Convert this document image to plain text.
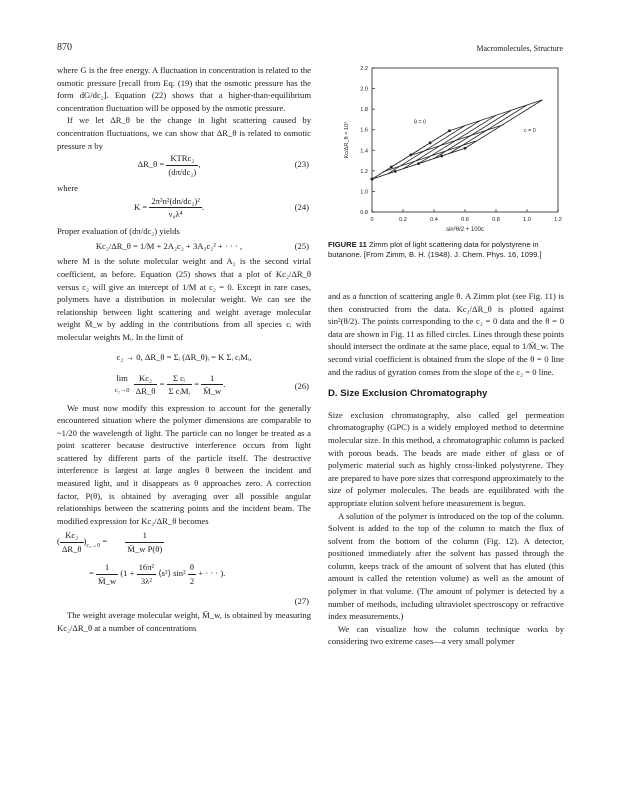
870	Macromolecules, Structure

where G is the free energy. A fluctuation in concentration is related to the osmotic pressure [recall from Eq. (19) that the osmotic pressure has the form dG/dc₂]. Equation (22) shows that a higher-than-equilibrium concentration fluctuation will be opposed by the osmotic pressure.

If we let ΔR_θ be the change in light scattering caused by concentration fluctuations, we can show that ΔR_θ is related to osmotic pressure π by

ΔR_θ = $\frac{\text{KTRc₂}}{\text{(dπ/dc₂)}}$ ,	(23)

where

$K = \frac{\text{2π²n²(dn/dc₂)²}}{\text{ν₀λ⁴}}$ .	(24)

Proper evaluation of (dπ/dc₂) yields

Kc₂/ΔR_θ = 1/M + 2A₂c₂ + 3A₃c₂² + · · · ,	(25)

where M is the solute molecular weight and A₂ is the second virial coefficient, as before. Equation (25) shows that a plot of Kc₂/ΔR_θ versus c₂ will give an intercept of 1/M at c₂ = 0. Except in rare cases, polymers have a distribution in molecular weight. We can see the relationship between light scattering and weight average molecular weight M̄_w by adding in the contributions from all species cᵢ with molecular weights Mᵢ. In the limit of

c₂ → 0, ΔR_θ = Σᵢ (ΔR_θ)ᵢ = K Σᵢ cᵢMᵢ,
lim
c₂→0
$\frac{\text{Kc₂}}{\Delta R\_\theta} = \frac{\text{Σ cᵢ}}{\text{Σ cᵢMᵢ}} = \frac{1}{M̄\_w}$ .	(26)

We must now modify this expression to account for the generally encountered situation where the polymer dimensions are comparable to ~1/20 the wavelength of light. The particle can no longer be treated as a point scatterer because destructive interference occurs from light scattered by different parts of the particle itself. The destructive interference is largest at large angles θ between the incident and measured light, and it disappears as θ approaches zero. A correction factor, P(θ), is obtained by averaging over all possible angular relationships between the scattering points and the incident beam. The modified expression for Kc₂/ΔR_θ becomes

( $\frac{\text{Kc₂}}{\Delta R\_\theta} )_{c_2\to 0} = \frac{1}{\text{M̄\_w P(θ)}}$
= $\frac{1}{M̄\_w} (1 + \frac{\text{16π²}}{\text{3λ²}}$ ⟨s²⟩ $\sin^2 \frac{\theta}{2}$ + · · · ).
(27)

The weight average molecular weight, M̄_w, is obtained by measuring Kc₂/ΔR_θ at a number of concentrations

0	0.2	0.4	0.6	0.8	1.0	1.2
0.8
1.0
1.2
1.4
1.6
1.8
2.0
2.2
sin²θ/2 + 100c
Kc/ΔR_θ × 10⁶	θ = 0
c = 0
FIGURE 11 Zimm plot of light scattering data for polystyrene in butanone. [From Zimm, B. H. (1948). J. Chem. Phys. 16, 1099.]

and as a function of scattering angle θ. A Zimm plot (see Fig. 11) is then constructed from the data. Kc₂/ΔR_θ is plotted against sin²(θ/2). The points corresponding to the c₂ = 0 data and the θ = 0 data are shown in Fig. 11 as filled circles. Lines through these points should intersect the ordinate at the same place, equal to 1/M̄_w. The second virial coefficient is obtained from the slope of the θ = 0 line and the radius of gyration comes from the slope of the c₂ = 0 line.

D. Size Exclusion Chromatography

Size exclusion chromatography, also called gel permeation chromatography (GPC) is a widely employed method to determine molecular size. In this method, a chromatographic column is packed with porous beads. The beads are made either of glass or of polymeric material such as highly cross-linked polystyrene. They are prepared to have pore sizes that correspond approximately to the size of polymer molecules. The beads are equilibrated with the appropriate elution solvent before measurement is begun.

A solution of the polymer is introduced on the top of the column. Solvent is added to the top of the column to match the flux of solvent from the bottom of the column (Fig. 12). A detector, positioned immediately after the solvent has passed through the column, keeps track of the amount of solvent that has eluted (this amount is called the retention volume) as well as the amount of polymer in that volume. (The amount of polymer is detected by a number of methods, including ultraviolet spectroscopy or refractive index measurements.)

We can visualize how the column technique works by considering two extreme cases—a very small polymer
